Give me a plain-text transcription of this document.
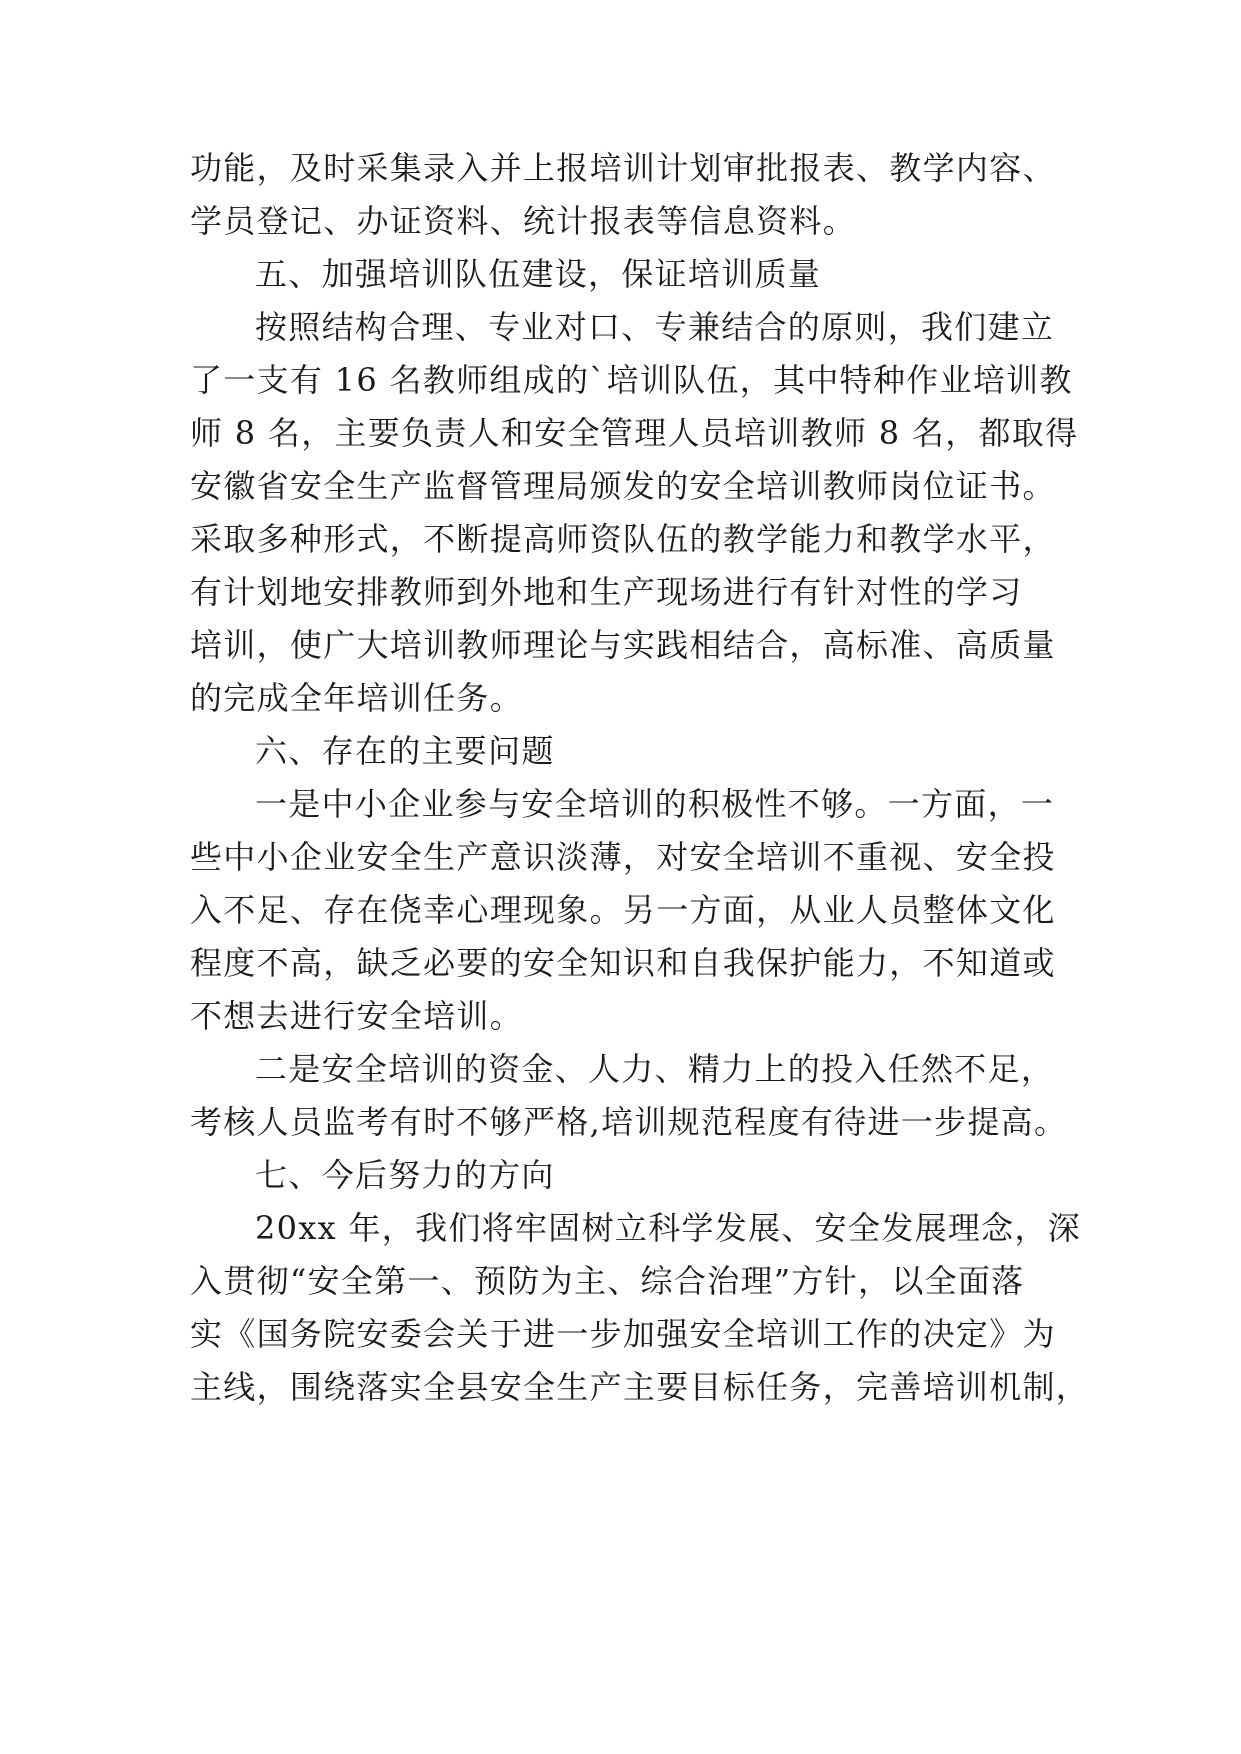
功能，及时采集录入并上报培训计划审批报表、教学内容、

学员登记、办证资料、统计报表等信息资料。

五、加强培训队伍建设，保证培训质量

按照结构合理、专业对口、专兼结合的原则，我们建立

了一支有 16 名教师组成的`培训队伍，其中特种作业培训教

师 8 名，主要负责人和安全管理人员培训教师 8 名，都取得

安徽省安全生产监督管理局颁发的安全培训教师岗位证书。

采取多种形式，不断提高师资队伍的教学能力和教学水平，

有计划地安排教师到外地和生产现场进行有针对性的学习

培训，使广大培训教师理论与实践相结合，高标准、高质量

的完成全年培训任务。

六、存在的主要问题

一是中小企业参与安全培训的积极性不够。一方面，一

些中小企业安全生产意识淡薄，对安全培训不重视、安全投

入不足、存在侥幸心理现象。另一方面，从业人员整体文化

程度不高，缺乏必要的安全知识和自我保护能力，不知道或

不想去进行安全培训。

二是安全培训的资金、人力、精力上的投入任然不足，

考核人员监考有时不够严格,培训规范程度有待进一步提高。

七、今后努力的方向

20xx 年，我们将牢固树立科学发展、安全发展理念，深

入贯彻“安全第一、预防为主、综合治理”方针，以全面落

实《国务院安委会关于进一步加强安全培训工作的决定》为

主线，围绕落实全县安全生产主要目标任务，完善培训机制，
